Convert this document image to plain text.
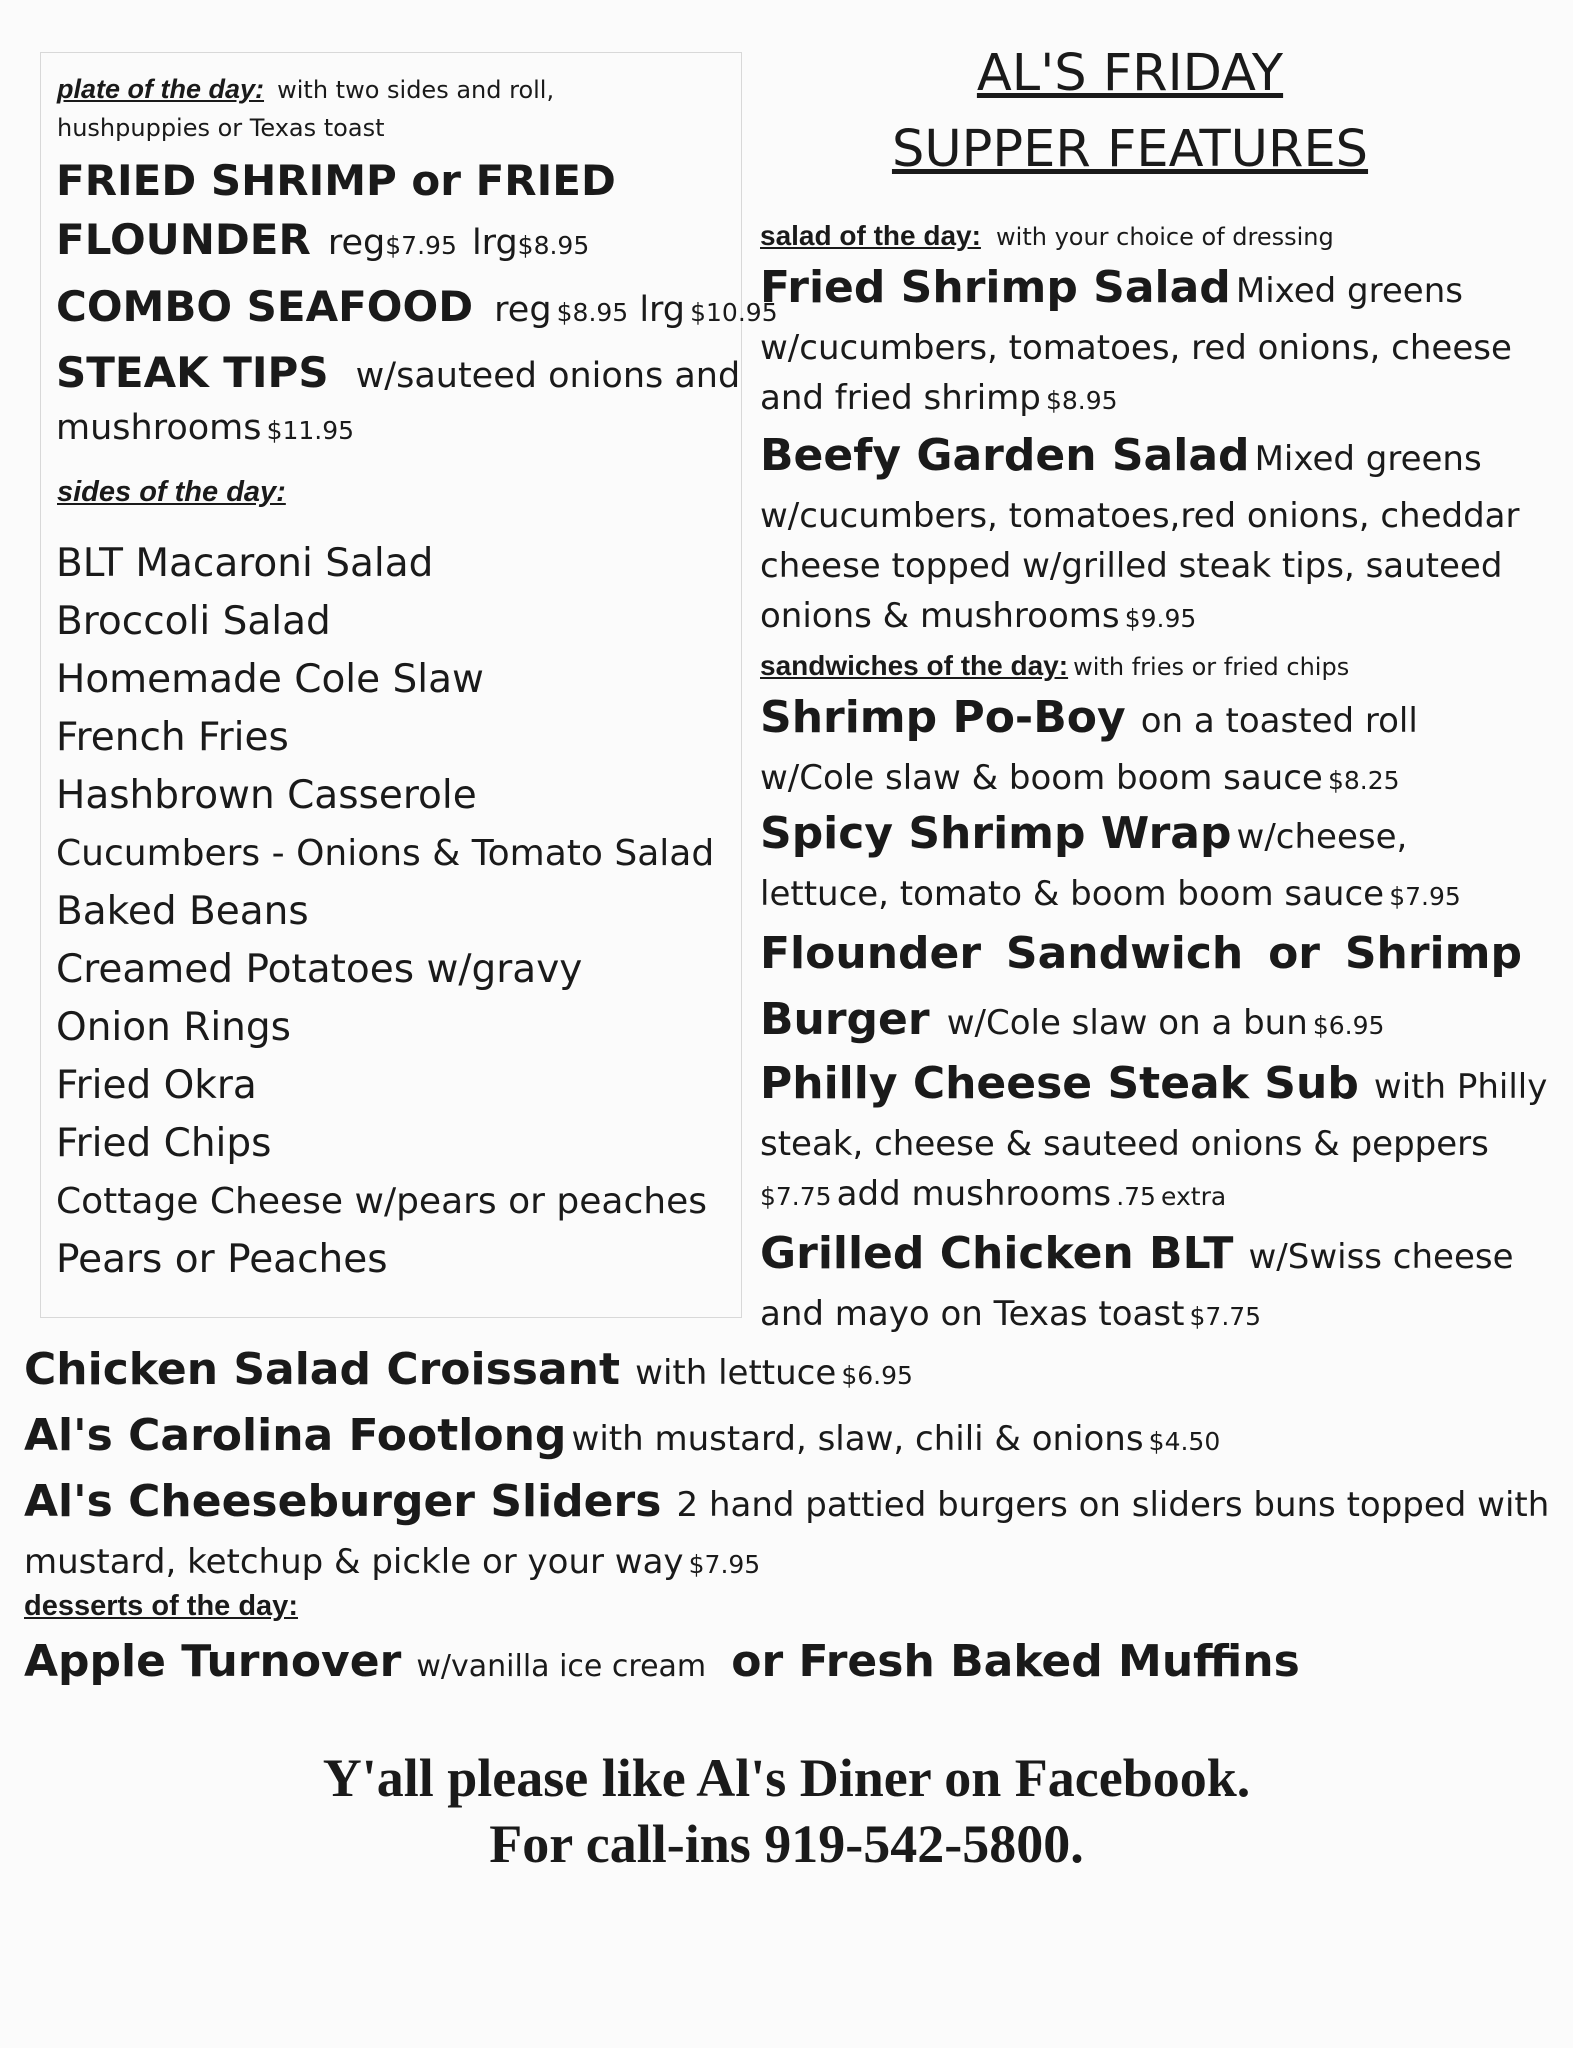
AL'S FRIDAY
SUPPER FEATURES
plate of the day: with two sides and roll,
hushpuppies or Texas toast
FRIED SHRIMP or FRIED
FLOUNDER reg$7.95 lrg$8.95
COMBO SEAFOOD reg $8.95 lrg $10.95
STEAK TIPS w/sauteed onions and
mushrooms $11.95
sides of the day:
BLT Macaroni Salad
Broccoli Salad
Homemade Cole Slaw
French Fries
Hashbrown Casserole
Cucumbers - Onions & Tomato Salad
Baked Beans
Creamed Potatoes w/gravy
Onion Rings
Fried Okra
Fried Chips
Cottage Cheese w/pears or peaches
Pears or Peaches
salad of the day: with your choice of dressing
Fried Shrimp Salad Mixed greens
w/cucumbers, tomatoes, red onions, cheese
and fried shrimp $8.95
Beefy Garden Salad Mixed greens
w/cucumbers, tomatoes,red onions, cheddar
cheese topped w/grilled steak tips, sauteed
onions & mushrooms $9.95
sandwiches of the day: with fries or fried chips
Shrimp Po-Boy on a toasted roll
w/Cole slaw & boom boom sauce $8.25
Spicy Shrimp Wrap w/cheese,
lettuce, tomato & boom boom sauce $7.95
Flounder Sandwich or Shrimp
Burger w/Cole slaw on a bun $6.95
Philly Cheese Steak Sub with Philly
steak, cheese & sauteed onions & peppers
$7.75 add mushrooms .75 extra
Grilled Chicken BLT w/Swiss cheese
and mayo on Texas toast $7.75
Chicken Salad Croissant with lettuce $6.95
Al's Carolina Footlong with mustard, slaw, chili & onions $4.50
Al's Cheeseburger Sliders 2 hand pattied burgers on sliders buns topped with
mustard, ketchup & pickle or your way $7.95
desserts of the day:
Apple Turnover w/vanilla ice cream or Fresh Baked Muffins
Y'all please like Al's Diner on Facebook.
For call-ins 919-542-5800.
